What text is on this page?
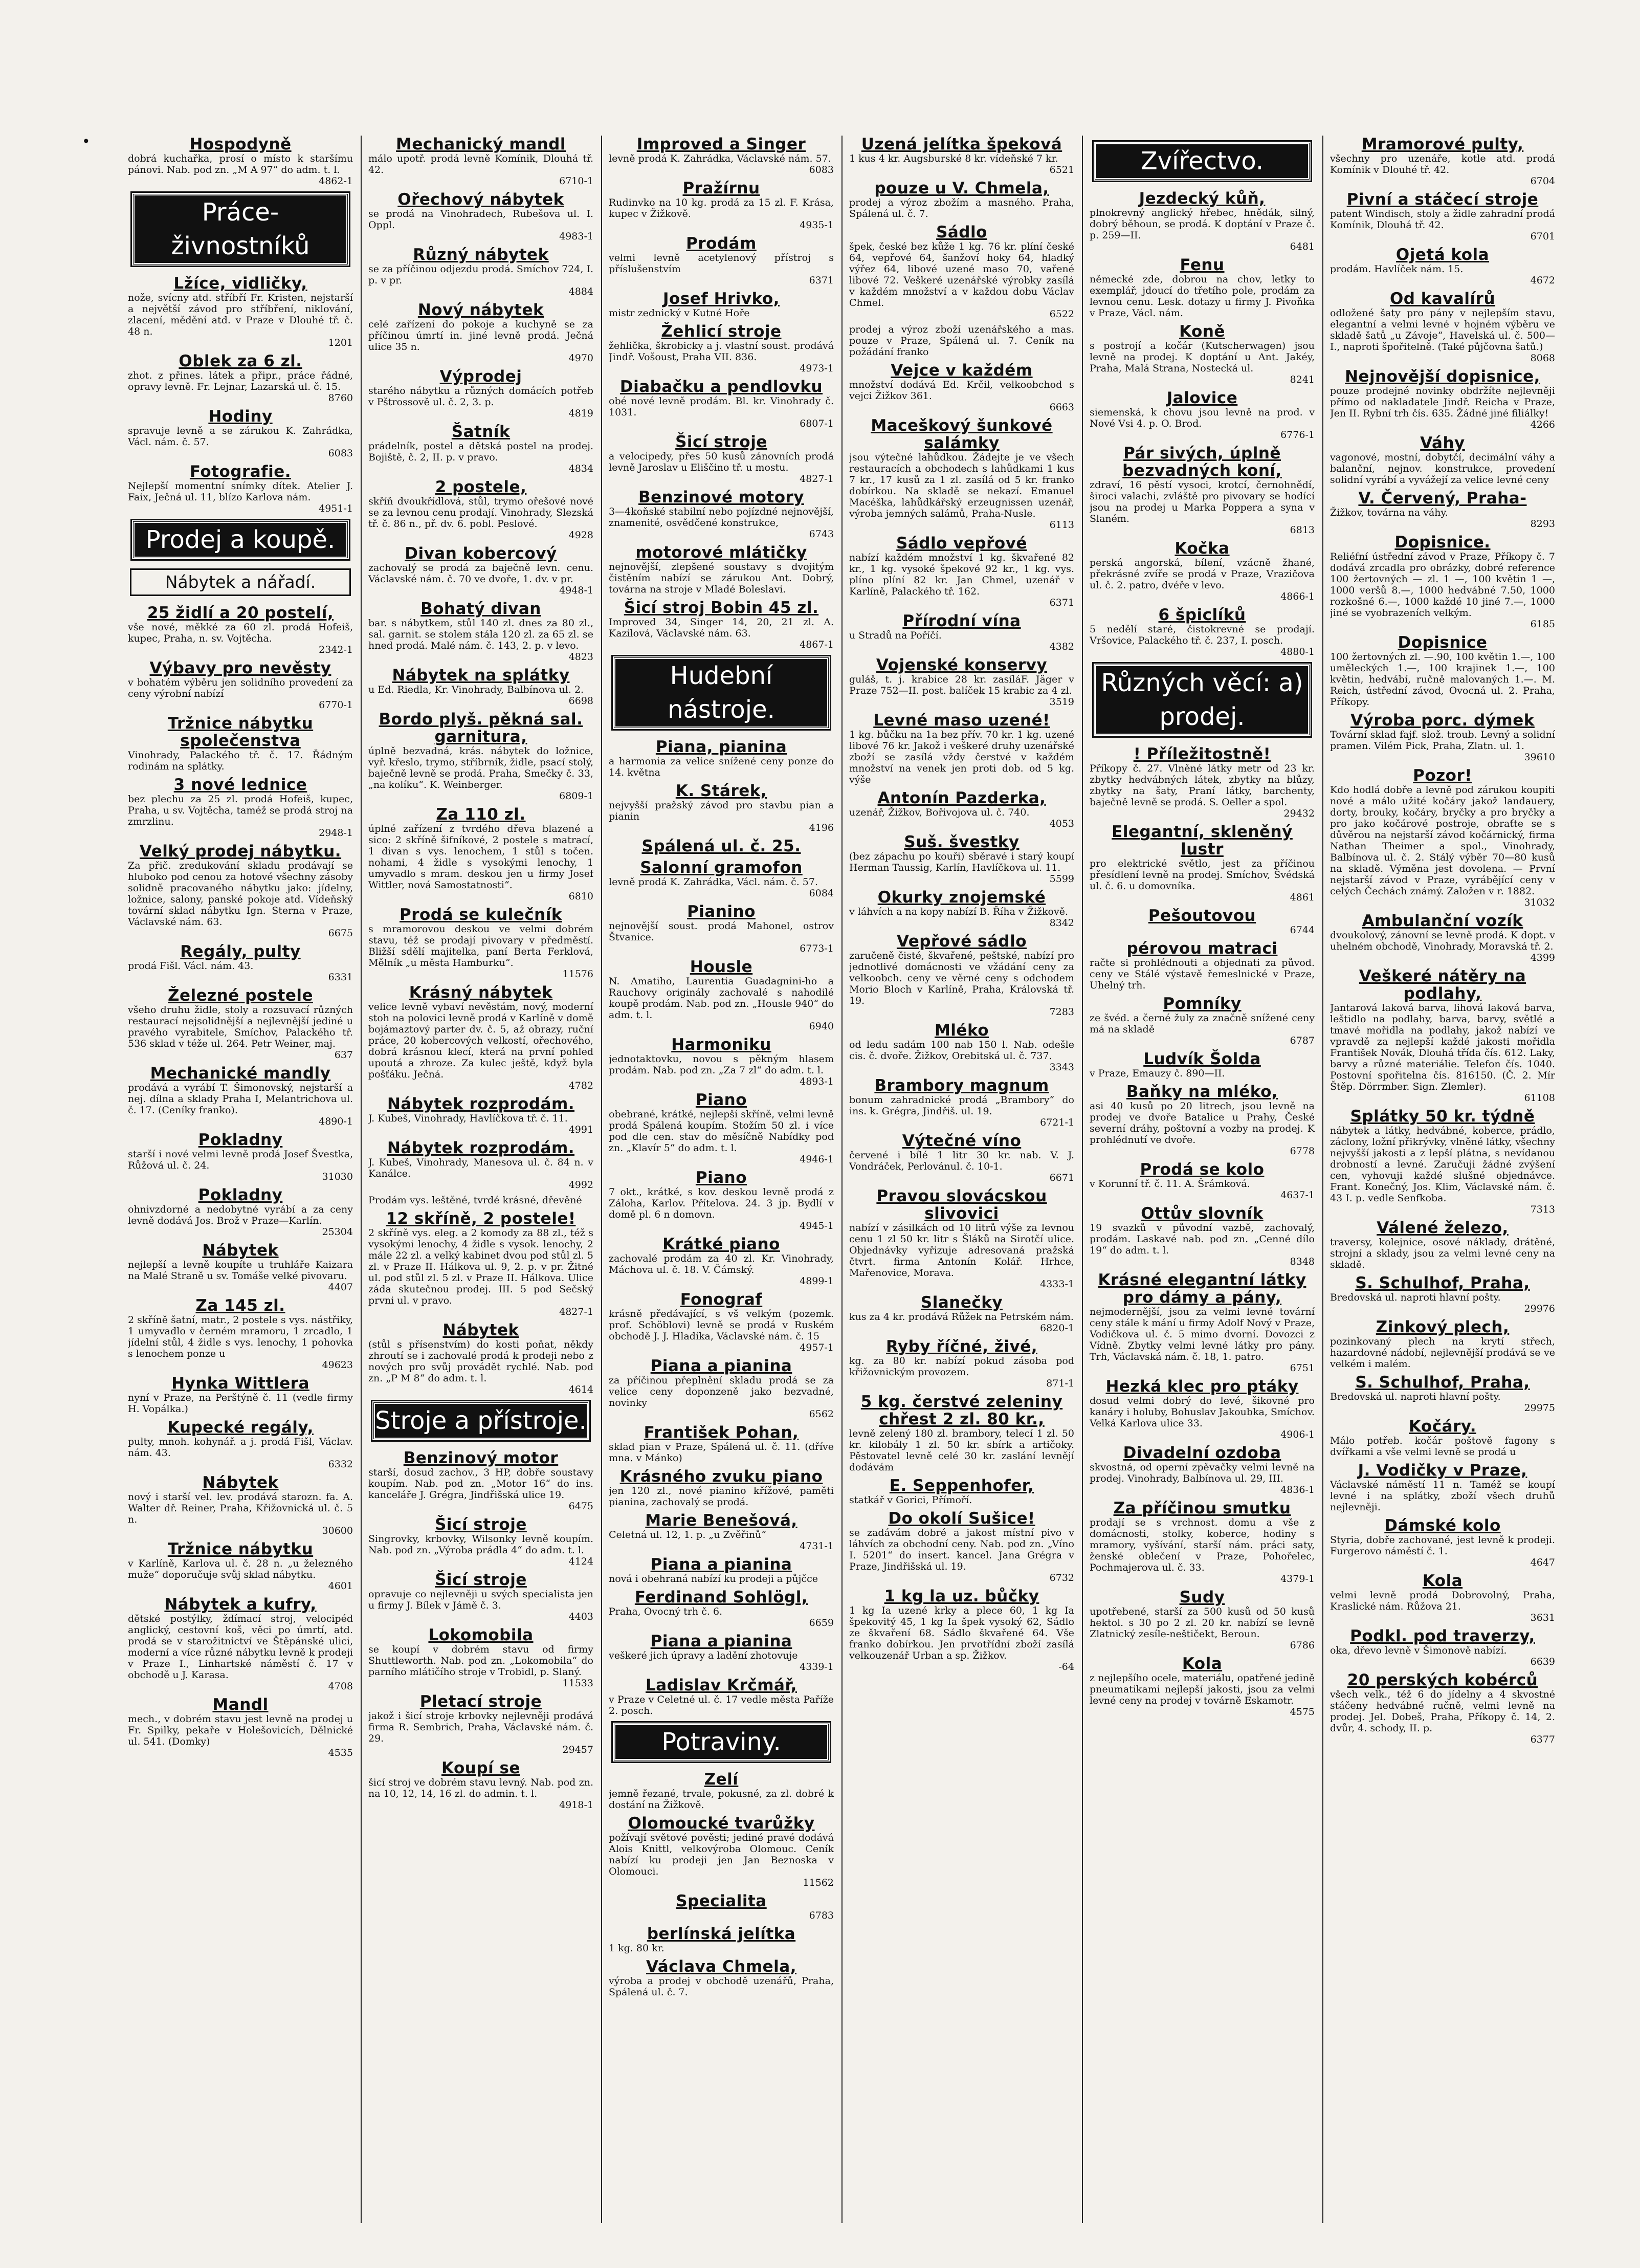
•	Hospodyně
dobrá kuchařka, prosí o místo k staršímu pánovi. Nab. pod zn. „M A 97“ do adm. t. l.
4862-1
Práce-živnostníků
Lžíce, vidličky,
nože, svícny atd. stříbří Fr. Kristen, nejstarší a největší závod pro stříbření, niklování, zlacení, mědění atd. v Praze v Dlouhé tř. č. 48 n.
1201
Oblek za 6 zl.
zhot. z přines. látek a připr., práce řádné, opravy levně. Fr. Lejnar, Lazarská ul. č. 15.
8760
Hodiny
spravuje levně a se zárukou K. Zahrádka, Václ. nám. č. 57.
6083
Fotografie.
Nejlepší momentní snímky dítek. Atelier J. Faix, Ječná ul. 11, blízo Karlova nám.
4951-1
Prodej a koupě.
Nábytek a nářadí.
25 židlí a 20 postelí,
vše nové, měkké za 60 zl. prodá Hofeiš, kupec, Praha, n. sv. Vojtěcha.
2342-1
Výbavy pro nevěsty
v bohatém výběru jen solidního provedení za ceny výrobní nabízí
6770-1
Tržnice nábytku společenstva
Vinohrady, Palackého tř. č. 17. Řádným rodinám na splátky.
3 nové lednice
bez plechu za 25 zl. prodá Hofeiš, kupec, Praha, u sv. Vojtěcha, taméž se prodá stroj na zmrzlinu.
2948-1
Velký prodej nábytku.
Za přič. zredukování skladu prodávají se hluboko pod cenou za hotové všechny zásoby solidně pracovaného nábytku jako: jídelny, ložnice, salony, panské pokoje atd. Vídeňský tovární sklad nábytku Ign. Sterna v Praze, Václavské nám. 63.
6675
Regály, pulty
prodá Fišl. Václ. nám. 43.
6331
Železné postele
všeho druhu židle, stoly a rozsuvací různých restaurací nejsolidnější a nejlevnější jediné u pravého vyrabitele, Smíchov, Palackého tř. 536 sklad v téže ul. 264. Petr Weiner, maj.
637
Mechanické mandly
prodává a vyrábí T. Šimonovský, nejstarší a nej. dílna a sklady Praha I, Melantrichova ul. č. 17. (Ceníky franko).
4890-1
Pokladny
starší i nové velmi levně prodá Josef Švestka, Růžová ul. č. 24.
31030
Pokladny
ohnivzdorné a nedobytné vyrábí a za ceny levně dodává Jos. Brož v Praze—Karlín.
25304
Nábytek
nejlepší a levně koupíte u truhláře Kaizara na Malé Straně u sv. Tomáše velké pivovaru.
4407
Za 145 zl.
2 skříně šatní, matr., 2 postele s vys. nástřiky, 1 umyvadlo v černém mramoru, 1 zrcadlo, 1 jídelní stůl, 4 židle s vys. lenochy, 1 pohovka s lenochem ponze u
49623
Hynka Wittlera
nyní v Praze, na Perštýně č. 11 (vedle firmy H. Vopálka.)
Kupecké regály,
pulty, mnoh. kohynář. a j. prodá Fišl, Václav. nám. 43.
6332
Nábytek
nový i starší vel. lev. prodává starozn. fa. A. Walter dř. Reiner, Praha, Křižovnická ul. č. 5 n.
30600
Tržnice nábytku
v Karlíně, Karlova ul. č. 28 n. „u železného muže“ doporučuje svůj sklad nábytku.
4601
Nábytek a kufry,
dětské postýlky, ždímací stroj, velocipéd anglický, cestovní koš, věci po úmrtí, atd. prodá se v starožitnictví ve Štěpánské ulici, moderní a více různé nábytku levně k prodeji v Praze I., Linhartské náměstí č. 17 v obchodě u J. Karasa.
4708
Mandl
mech., v dobrém stavu jest levně na prodej u Fr. Spilky, pekaře v Holešovicích, Dělnické ul. 541. (Domky)
4535
Mechanický mandl
málo upotř. prodá levně Komínik, Dlouhá tř. 42.
6710-1
Ořechový nábytek
se prodá na Vinohradech, Rubešova ul. I. Oppl.
4983-1
Různý nábytek
se za příčinou odjezdu prodá. Smíchov 724, I. p. v pr.
4884
Nový nábytek
celé zařízení do pokoje a kuchyně se za příčinou úmrtí in. jiné levně prodá. Ječná ulice 35 n.
4970
Výprodej
starého nábytku a různých domácích potřeb v Pštrossově ul. č. 2, 3. p.
4819
Šatník
prádelník, postel a dětská postel na prodej. Bojiště, č. 2, II. p. v pravo.
4834
2 postele,
skříň dvoukřídlová, stůl, trymo ořešové nové se za levnou cenu prodají. Vinohrady, Slezská tř. č. 86 n., př. dv. 6. pobl. Peslové.
4928
Divan kobercový
zachovalý se prodá za baječně levn. cenu. Václavské nám. č. 70 ve dvoře, 1. dv. v pr.
4948-1
Bohatý divan
bar. s nábytkem, stůl 140 zl. dnes za 80 zl., sal. garnit. se stolem stála 120 zl. za 65 zl. se hned prodá. Malé nám. č. 143, 2. p. v levo.
4823
Nábytek na splátky
u Ed. Riedla, Kr. Vinohrady, Balbínova ul. 2.
6698
Bordo plyš. pěkná sal. garnitura,
úplně bezvadná, krás. nábytek do ložnice, vyř. křeslo, trymo, stříbrník, židle, psací stolý, baječně levně se prodá. Praha, Smečky č. 33, „na kolíku“. K. Weinberger.
6809-1
Za 110 zl.
úplné zařízení z tvrdého dřeva blazené a sico: 2 skříně šifníkové, 2 postele s matrací, 1 divan s vys. lenochem, 1 stůl s točen. nohami, 4 židle s vysokými lenochy, 1 umyvadlo s mram. deskou jen u firmy Josef Wittler, nová Samostatnosti“.
6810
Prodá se kulečník
s mramorovou deskou ve velmi dobrém stavu, též se prodají pivovary v předměstí. Bližší sdělí majitelka, paní Berta Ferklová, Mělník „u města Hamburku“.
11576
Krásný nábytek
velice levně vybaví nevěstám, nový, moderní stoh na polovici levně prodá v Karlíně v domě bojámaztový parter dv. č. 5, až obrazy, ruční práce, 20 kobercových velkostí, ořechového, dobrá krásnou klecí, která na první pohled upoutá a zhroze. Za kulec ještě, když byla pošťáku. Ječná.
4782
Nábytek rozprodám.
J. Kubeš, Vinohrady, Havlíčkova tř. č. 11.
4991
Nábytek rozprodám.
J. Kubeš, Vinohrady, Manesova ul. č. 84 n. v Kanálce.
4992
Prodám vys. leštěné, tvrdé krásné, dřevěné
12 skříně, 2 postele!
2 skříně vys. eleg. a 2 komody za 88 zl., též s vysokými lenochy, 4 židle s vysok. lenochy, 2 mále 22 zl. a velký kabinet dvou pod stůl zl. 5 zl. v Praze II. Hálkova ul. 9, 2. p. v pr. Žitné ul. pod stůl zl. 5 zl. v Praze II. Hálkova. Ulice záda skutečnou prodej. III. 5 pod Sečský prvni ul. v pravo.
4827-1
Nábytek
(stůl s přísenstvím) do kosti poňat, někdy zhroutí se i zachovalé prodá k prodeji nebo z nových pro svůj provádět rychlé. Nab. pod zn. „P M 8“ do adm. t. l.
4614
Stroje a přístroje.
Benzinový motor
starší, dosud zachov., 3 HP, dobře soustavy koupím. Nab. pod zn. „Motor 16“ do ins. kanceláře J. Grégra, Jindřišská ulice 19.
6475
Šicí stroje
Singrovky, krbovky, Wilsonky levně koupím. Nab. pod zn. „Výroba prádla 4“ do adm. t. l.
4124
Šicí stroje
opravuje co nejlevněji u svých specialista jen u firmy J. Bílek v Jámě č. 3.
4403
Lokomobila
se koupí v dobrém stavu od firmy Shuttleworth. Nab. pod zn. „Lokomobila“ do parního mlátičího stroje v Trobidl, p. Slaný.
11533
Pletací stroje
jakož i šicí stroje krbovky nejlevněji prodává firma R. Sembrich, Praha, Václavské nám. č. 29.
29457
Koupí se
šicí stroj ve dobrém stavu levný. Nab. pod zn. na 10, 12, 14, 16 zl. do admin. t. l.
4918-1
Improved a Singer
levně prodá K. Zahrádka, Václavské nám. 57.
6083
Pražírnu
Rudinvko na 10 kg. prodá za 15 zl. F. Krása, kupec v Žižkově.
4935-1
Prodám
velmi levně acetylenový přístroj s příslušenstvím
6371
Josef Hrivko,
mistr zednický v Kutné Hoře
Žehlicí stroje
žehlička, škrobicky a j. vlastní soust. prodává Jindř. Vošoust, Praha VII. 836.
4973-1
Diabačku a pendlovku
obé nové levně prodám. Bl. kr. Vinohrady č. 1031.
6807-1
Šicí stroje
a velocipedy, přes 50 kusů zánovních prodá levně Jaroslav u Eliščino tř. u mostu.
4827-1
Benzinové motory
3—4koňské stabilní nebo pojízdné nejnovější, znamenité, osvědčené konstrukce,
6743
motorové mlátičky
nejnovější, zlepšené soustavy s dvojitým čistěním nabízí se zárukou Ant. Dobrý, továrna na stroje v Mladé Boleslavi.
Šicí stroj Bobin 45 zl.
Improved 34, Singer 14, 20, 21 zl. A. Kazilová, Václavské nám. 63.
4867-1
Hudební nástroje.
Piana, pianina
a harmonia za velice snížené ceny ponze do 14. května
K. Stárek,
nejvyšší pražský závod pro stavbu pian a pianin
4196
Spálená ul. č. 25.
Salonní gramofon
levně prodá K. Zahrádka, Václ. nám. č. 57.
6084
Pianino
nejnovější soust. prodá Mahonel, ostrov Štvanice.
6773-1
Housle
N. Amatiho, Laurentia Guadagnini-ho a Rauchovy originály zachovalé s nahodilé koupě prodám. Nab. pod zn. „Housle 940“ do adm. t. l.
6940
Harmoniku
jednotaktovku, novou s pěkným hlasem prodám. Nab. pod zn. „Za 7 zl“ do adm. t. l.
4893-1
Piano
obebrané, krátké, nejlepší skříně, velmi levně prodá Spálená koupím. Stožím 50 zl. i více pod dle cen. stav do měsíčně Nabídky pod zn. „Klavír 5“ do adm. t. l.
4946-1
Piano
7 okt., krátké, s kov. deskou levně prodá z Záloha, Karlov. Přítelova. 24. 3 jp. Bydlí v domě pl. 6 n domovn.
4945-1
Krátké piano
zachovalé prodám za 40 zl. Kr. Vinohrady, Máchova ul. č. 18. V. Čámský.
4899-1
Fonograf
krásně předávající, s vš velkým (pozemk. prof. Schöblovi) levně se prodá v Ruském obchodě J. J. Hladíka, Václavské nám. č. 15
4957-1
Piana a pianina
za příčinou přeplnění skladu prodá se za velice ceny doponzeně jako bezvadné, novinky
6562
František Pohan,
sklad pian v Praze, Spálená ul. č. 11. (dříve mna. v Mánko)
Krásného zvuku piano
jen 120 zl., nové pianino křížové, paměti pianina, zachovalý se prodá.
Marie Benešová,
Celetná ul. 12, 1. p. „u Zvěřinů“
4731-1
Piana a pianina
nová i obehraná nabízí ku prodeji a půjčce
Ferdinand Sohlögl,
Praha, Ovocný trh č. 6.
6659
Piana a pianina
veškeré jich úpravy a ladění zhotovuje
4339-1
Ladislav Krčmář,
v Praze v Celetné ul. č. 17 vedle města Paříže 2. posch.
Potraviny.
Zelí
jemně řezané, trvale, pokusné, za zl. dobré k dostání na Žižkově.
Olomoucké tvarůžky
požívají světové pověsti; jediné pravé dodává Alois Knittl, velkovýroba Olomouc. Ceník nabízí ku prodeji jen Jan Beznoska v Olomouci.
11562
Specialita
6783
berlínská jelítka
1 kg. 80 kr.
Václava Chmela,
výroba a prodej v obchodě uzenářů, Praha, Spálená ul. č. 7.
Uzená jelítka špeková
1 kus 4 kr. Augsburské 8 kr. vídeňské 7 kr.
6521
pouze u V. Chmela,
prodej a výroz zbožím a masného. Praha, Spálená ul. č. 7.
Sádlo
špek, české bez kůže 1 kg. 76 kr. plíní české 64, vepřové 64, šanžoví hoky 64, hladký výřez 64, libové uzené maso 70, vařené libové 72. Veškeré uzenářské výrobky zasílá v každém množství a v každou dobu Václav Chmel.
6522
prodej a výroz zboží uzenářského a mas. pouze v Praze, Spálená ul. 7. Ceník na požádání franko
Vejce v každém
množství dodává Ed. Krčil, velkoobchod s vejci Žižkov 361.
6663
Maceškový šunkové salámky
jsou výtečné lahůdkou. Žádejte je ve všech restauracích a obchodech s lahůdkami 1 kus 7 kr., 17 kusů za 1 zl. zasílá od 5 kr. franko dobírkou. Na skladě se nekazí. Emanuel Macéška, lahůdkářský erzeugnissen uzenář, výroba jemných salámů, Praha-Nusle.
6113
Sádlo vepřové
nabízí každém množství 1 kg. škvařené 82 kr., 1 kg. vysoké špekové 92 kr., 1 kg. vys. plíno plíní 82 kr. Jan Chmel, uzenář v Karlíně, Palackého tř. 162.
6371
Přírodní vína
u Stradů na Poříčí.
4382
Vojenské konservy
guláš, t. j. krabice 28 kr. zasíláF. Jäger v Praze 752—II. post. balíček 15 krabic za 4 zl.
3519
Levné maso uzené!
1 kg. bůčku na 1a bez přív. 70 kr. 1 kg. uzené libové 76 kr. Jakož i veškeré druhy uzenářské zboží se zasílá vždy čerstvé v každém množství na venek jen proti dob. od 5 kg. výše
Antonín Pazderka,
uzenář, Žižkov, Bořivojova ul. č. 740.
4053
Suš. švestky
(bez zápachu po kouři) sběravé i starý koupí Herman Taussig, Karlín, Havlíčkova ul. 11.
5599
Okurky znojemské
v láhvích a na kopy nabízí B. Říha v Žižkově.
8342
Vepřové sádlo
zaručeně čisté, škvařené, peštské, nabízí pro jednotlivé domácnosti ve vžádání ceny za velkoobch. ceny ve věrné ceny s odchodem Morio Bloch v Karlíně, Praha, Královská tř. 19.
7283
Mléko
od ledu sadám 100 nab 150 l. Nab. odešle cis. č. dvoře. Žižkov, Orebitská ul. č. 737.
3343
Brambory magnum
bonum zahradnické prodá „Brambory“ do ins. k. Grégra, Jindřiš. ul. 19.
6721-1
Výtečné víno
červené i bílé 1 litr 30 kr. nab. V. J. Vondráček, Perlovánul. č. 10-1.
6671
Pravou slovácskou slivovici
nabízí v zásilkách od 10 litrů výše za levnou cenu 1 zl 50 kr. litr s Šláků na Sirotčí ulice. Objednávky vyřizuje adresovaná pražská čtvrt. firma Antonín Kolář. Hrhce, Mařenovice, Morava.
4333-1
Slanečky
kus za 4 kr. prodává Růžek na Petrském nám.
6820-1
Ryby říčné, živé,
kg. za 80 kr. nabízí pokud zásoba pod křižovnickým provozem.
871-1
5 kg. čerstvé zeleniny chřest 2 zl. 80 kr.,
levně zelený 180 zl. brambory, telecí 1 zl. 50 kr. kilobály 1 zl. 50 kr. sbírk a artičoky. Pěstovatel levně celé 30 kr. zaslání levnějí dodávám
E. Seppenhofer,
statkář v Gorici, Přímoří.
Do okolí Sušice!
se zadávám dobré a jakost místní pivo v láhvích za obchodní ceny. Nab. pod zn. „Víno I. 5201“ do insert. kancel. Jana Grégra v Praze, Jindřišská ul. 19.
6732
1 kg la uz. bůčky
1 kg Ia uzené krky a plece 60, 1 kg Ia špekovitý 45, 1 kg Ia špek vysoký 62, Sádlo ze škvaření 68. Sádlo škvařené 64. Vše franko dobírkou. Jen prvotřídní zboží zasílá velkouzenář Urban a sp. Žižkov.
-64
Zvířectvo.
Jezdecký kůň,
plnokrevný anglický hřebec, hnědák, silný, dobrý běhoun, se prodá. K doptání v Praze č. p. 259—II.
6481
Fenu
německé zde, dobrou na chov, letky to exemplář, jdoucí do třetího pole, prodám za levnou cenu. Lesk. dotazy u firmy J. Pivoňka v Praze, Václ. nám.
Koně
s postrojí a kočár (Kutscherwagen) jsou levně na prodej. K doptání u Ant. Jakéy, Praha, Malá Strana, Nostecká ul.
8241
Jalovice
siemenská, k chovu jsou levně na prod. v Nové Vsi 4. p. O. Brod.
6776-1
Pár sivých, úplně bezvadných koní,
zdraví, 16 pěstí vysoci, krotcí, černohnědí, široci valachi, zvláště pro pivovary se hodící jsou na prodej u Marka Poppera a syna v Slaném.
6813
Kočka
perská angorská, bílení, vzácně žhané, překrásné zvíře se prodá v Praze, Vrazičova ul. č. 2. patro, dvéře v levo.
4866-1
6 špiclíků
5 nedělí staré, čistokrevné se prodají. Vršovice, Palackého tř. č. 237, I. posch.
4880-1
Různých věcí: a) prodej.
! Příležitostně!
Příkopy č. 27. Vlněné látky metr od 23 kr. zbytky hedvábných látek, zbytky na blůzy, zbytky na šaty, Praní látky, barchenty, baječně levně se prodá. S. Oeller a spol.
29432
Elegantní, skleněný lustr
pro elektrické světlo, jest za příčinou přesídlení levně na prodej. Smíchov, Švédská ul. č. 6. u domovníka.
4861
Pešoutovou
6744
pérovou matraci
račte si prohlédnouti a objednati za původ. ceny ve Stálé výstavě řemeslnické v Praze, Uhelný trh.
Pomníky
ze švéd. a černé žuly za značně snížené ceny má na skladě
6787
Ludvík Šolda
v Praze, Emauzy č. 890—II.
Baňky na mléko,
asi 40 kusů po 20 litrech, jsou levně na prodej ve dvoře Batalice u Prahy, České severní dráhy, poštovní a vozby na prodej. K prohlédnutí ve dvoře.
6778
Prodá se kolo
v Korunní tř. č. 11. A. Šrámková.
4637-1
Ottův slovník
19 svazků v původní vazbě, zachovalý, prodám. Laskavé nab. pod zn. „Cenné dílo 19“ do adm. t. l.
8348
Krásné elegantní látky pro dámy a pány,
nejmodernější, jsou za velmi levné tovární ceny stále k mání u firmy Adolf Nový v Praze, Vodičkova ul. č. 5 mimo dvorní. Dovozci z Vídně. Zbytky velmi levné látky pro pány. Trh, Václavská nám. č. 18, 1. patro.
6751
Hezká klec pro ptáky
dosud velmi dobrý do levé, šikovné pro kanáry i holuby, Bohuslav Jakoubka, Smíchov. Velká Karlova ulice 33.
4906-1
Divadelní ozdoba
skvostná, od operní zpěvačky velmi levně na prodej. Vinohrady, Balbínova ul. 29, III.
4836-1
Za příčinou smutku
prodají se s vrchnost. domu a vše z domácnosti, stolky, koberce, hodiny s mramory, vyšívání, starší nám. práci saty, ženské oblečení v Praze, Pohořelec, Pochmajerova ul. č. 33.
4379-1
Sudy
upotřebené, starší za 500 kusů od 50 kusů hektol. s 30 po 2 zl. 20 kr. nabízí se levně Zlatnický zesíle-neštičekt, Beroun.
6786
Kola
z nejlepšího ocele, materiálu, opatřené jedině pneumatikami nejlepší jakosti, jsou za velmi levné ceny na prodej v továrně Eskamotr.
4575
Mramorové pulty,
všechny pro uzenáře, kotle atd. prodá Komínik v Dlouhé tř. 42.
6704
Pivní a stáčecí stroje
patent Windisch, stoly a židle zahradní prodá Komínik, Dlouhá tř. 42.
6701
Ojetá kola
prodám. Havlíček nám. 15.
4672
Od kavalírů
odložené šaty pro pány v nejlepším stavu, elegantní a velmi levné v hojném výběru ve skladě šatů „u Závoje“, Havelská ul. č. 500—I., naproti špořitelně. (Také půjčovna šatů.)
8068
Nejnovější dopisnice,
pouze prodejné novinky obdržíte nejlevněji přímo od nakladatele Jindř. Reicha v Praze, Jen II. Rybní trh čís. 635. Žádné jiné filiálky!
4266
Váhy
vagonové, mostní, dobytčí, decimální váhy a balanční, nejnov. konstrukce, provedení solidní vyrábí a vyvážejí za velice levné ceny
V. Červený, Praha-
Žižkov, továrna na váhy.
8293
Dopisnice.
Reliéfní ústřední závod v Praze, Příkopy č. 7 dodává zrcadla pro obrázky, dobré reference 100 žertovných — zl. 1 —, 100 květin 1 —, 1000 veršů 8.—, 1000 hedvábné 7.50, 1000 rozkošné 6.—, 1000 každé 10 jiné 7.—, 1000 jiné se vyobrazeních velkým.
6185
Dopisnice
100 žertovných zl. —.90, 100 květin 1.—, 100 uměleckých 1.—, 100 krajinek 1.—, 100 květin, hedvábí, ručně malovaných 1.—. M. Reich, ústřední závod, Ovocná ul. 2. Praha, Příkopy.
Výroba porc. dýmek
Tovární sklad fajf. slož. troub. Levný a solidní pramen. Vilém Pick, Praha, Zlatn. ul. 1.
39610
Pozor!
Kdo hodlá dobře a levně pod zárukou koupiti nové a málo užité kočáry jakož landauery, dorty, brouky, kočáry, bryčky a pro bryčky a pro jako kočárové postroje, obraťte se s důvěrou na nejstarší závod kočárnický, firma Nathan Theimer a spol., Vinohrady, Balbínova ul. č. 2. Stálý výběr 70—80 kusů na skladě. Výměna jest dovolena. — První nejstarší závod v Praze, vyrábějící ceny v celých Čechách známý. Založen v r. 1882.
31032
Ambulanční vozík
dvoukolový, zánovní se levně prodá. K dopt. v uhelném obchodě, Vinohrady, Moravská tř. 2.
4399
Veškeré nátěry na podlahy,
Jantarová laková barva, lihová laková barva, leštidlo na podlahy, barva, barvy, světlé a tmavé mořidla na podlahy, jakož nabízí ve vpravdě za nejlepší každé jakosti mořidla František Novák, Dlouhá třída čís. 612. Laky, barvy a různé materiálie. Telefon čís. 1040. Postovní spořitelna čís. 816150. (Č. 2. Mír Štěp. Dörrmber. Sign. Zlemler).
61108
Splátky 50 kr. týdně
nábytek a látky, hedvábné, koberce, prádlo, záclony, ložní přikrývky, vlněné látky, všechny nejvyšší jakosti a z lepší plátna, s nevídanou drobností a levné. Zaručuji žádné zvýšení cen, vyhovuji každé slušné objednávce. Frant. Konečný, Jos. Klim, Václavské nám. č. 43 I. p. vedle Senfkoba.
7313
Válené železo,
traversy, kolejnice, osové náklady, drátěné, strojní a sklady, jsou za velmi levné ceny na skladě.
S. Schulhof, Praha,
Bredovská ul. naproti hlavní pošty.
29976
Zinkový plech,
pozinkovaný plech na krytí střech, hazardovné nádobí, nejlevnější prodává se ve velkém i malém.
S. Schulhof, Praha,
Bredovská ul. naproti hlavní pošty.
29975
Kočáry.
Málo potřeb. kočár poštově fagony s dvířkami a vše velmi levně se prodá u
J. Vodičky v Praze,
Václavské náměstí 11 n. Taméž se koupí levné i na splátky, zboží všech druhů nejlevněji.
Dámské kolo
Styria, dobře zachované, jest levně k prodeji. Furgerovo náměstí č. 1.
4647
Kola
velmi levně prodá Dobrovolný, Praha, Kraslické nám. Růžova 21.
3631
Podkl. pod traverzy,
oka, dřevo levně v Šimonově nabízí.
6639
20 perských kobérců
všech velk., též 6 do jídelny a 4 skvostné stáčeny hedvábné ručně, velmi levně na prodej. Jel. Dobeš, Praha, Příkopy č. 14, 2. dvůr, 4. schody, II. p.
6377
